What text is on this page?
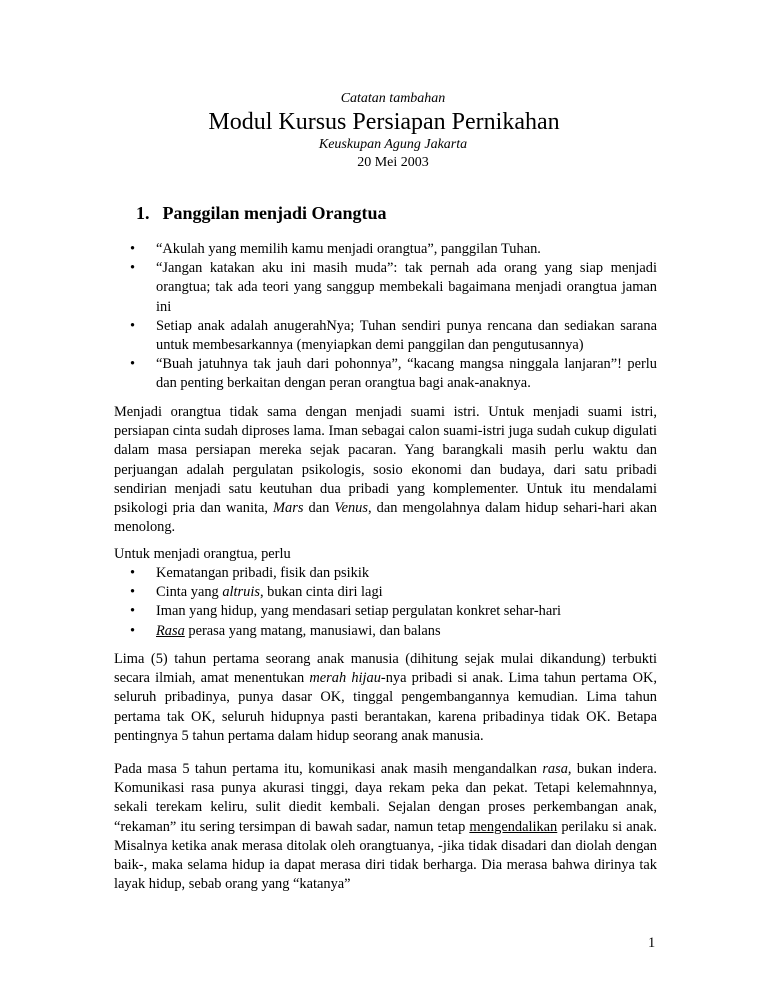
Catatan tambahan
Modul Kursus Persiapan Pernikahan
Keuskupan Agung Jakarta
20 Mei 2003
1. Panggilan menjadi Orangtua
• “Akulah yang memilih kamu menjadi orangtua”, panggilan Tuhan.
• “Jangan katakan aku ini masih muda”: tak pernah ada orang yang siap menjadi orangtua; tak ada teori yang sanggup membekali bagaimana menjadi orangtua jaman ini
• Setiap anak adalah anugerahNya; Tuhan sendiri punya rencana dan sediakan sarana untuk membesarkannya (menyiapkan demi panggilan dan pengutusannya)
• “Buah jatuhnya tak jauh dari pohonnya”, “kacang mangsa ninggala lanjaran”! perlu dan penting berkaitan dengan peran orangtua bagi anak-anaknya.

Menjadi orangtua tidak sama dengan menjadi suami istri. Untuk menjadi suami istri, persiapan cinta sudah diproses lama. Iman sebagai calon suami-istri juga sudah cukup digulati dalam masa persiapan mereka sejak pacaran. Yang barangkali masih perlu waktu dan perjuangan adalah pergulatan psikologis, sosio ekonomi dan budaya, dari satu pribadi sendirian menjadi satu keutuhan dua pribadi yang komplementer. Untuk itu mendalami psikologi pria dan wanita, Mars dan Venus, dan mengolahnya dalam hidup sehari-hari akan menolong.

Untuk menjadi orangtua, perlu
• Kematangan pribadi, fisik dan psikik
• Cinta yang altruis, bukan cinta diri lagi
• Iman yang hidup, yang mendasari setiap pergulatan konkret sehar-hari
• Rasa perasa yang matang, manusiawi, dan balans

Lima (5) tahun pertama seorang anak manusia (dihitung sejak mulai dikandung) terbukti secara ilmiah, amat menentukan merah hijau-nya pribadi si anak. Lima tahun pertama OK, seluruh pribadinya, punya dasar OK, tinggal pengembangannya kemudian. Lima tahun pertama tak OK, seluruh hidupnya pasti berantakan, karena pribadinya tidak OK. Betapa pentingnya 5 tahun pertama dalam hidup seorang anak manusia.

Pada masa 5 tahun pertama itu, komunikasi anak masih mengandalkan rasa, bukan indera. Komunikasi rasa punya akurasi tinggi, daya rekam peka dan pekat. Tetapi kelemahnnya, sekali terekam keliru, sulit diedit kembali. Sejalan dengan proses perkembangan anak, “rekaman” itu sering tersimpan di bawah sadar, namun tetap mengendalikan perilaku si anak. Misalnya ketika anak merasa ditolak oleh orangtuanya, -jika tidak disadari dan diolah dengan baik-, maka selama hidup ia dapat merasa diri tidak berharga. Dia merasa bahwa dirinya tak layak hidup, sebab orang yang “katanya”

1
